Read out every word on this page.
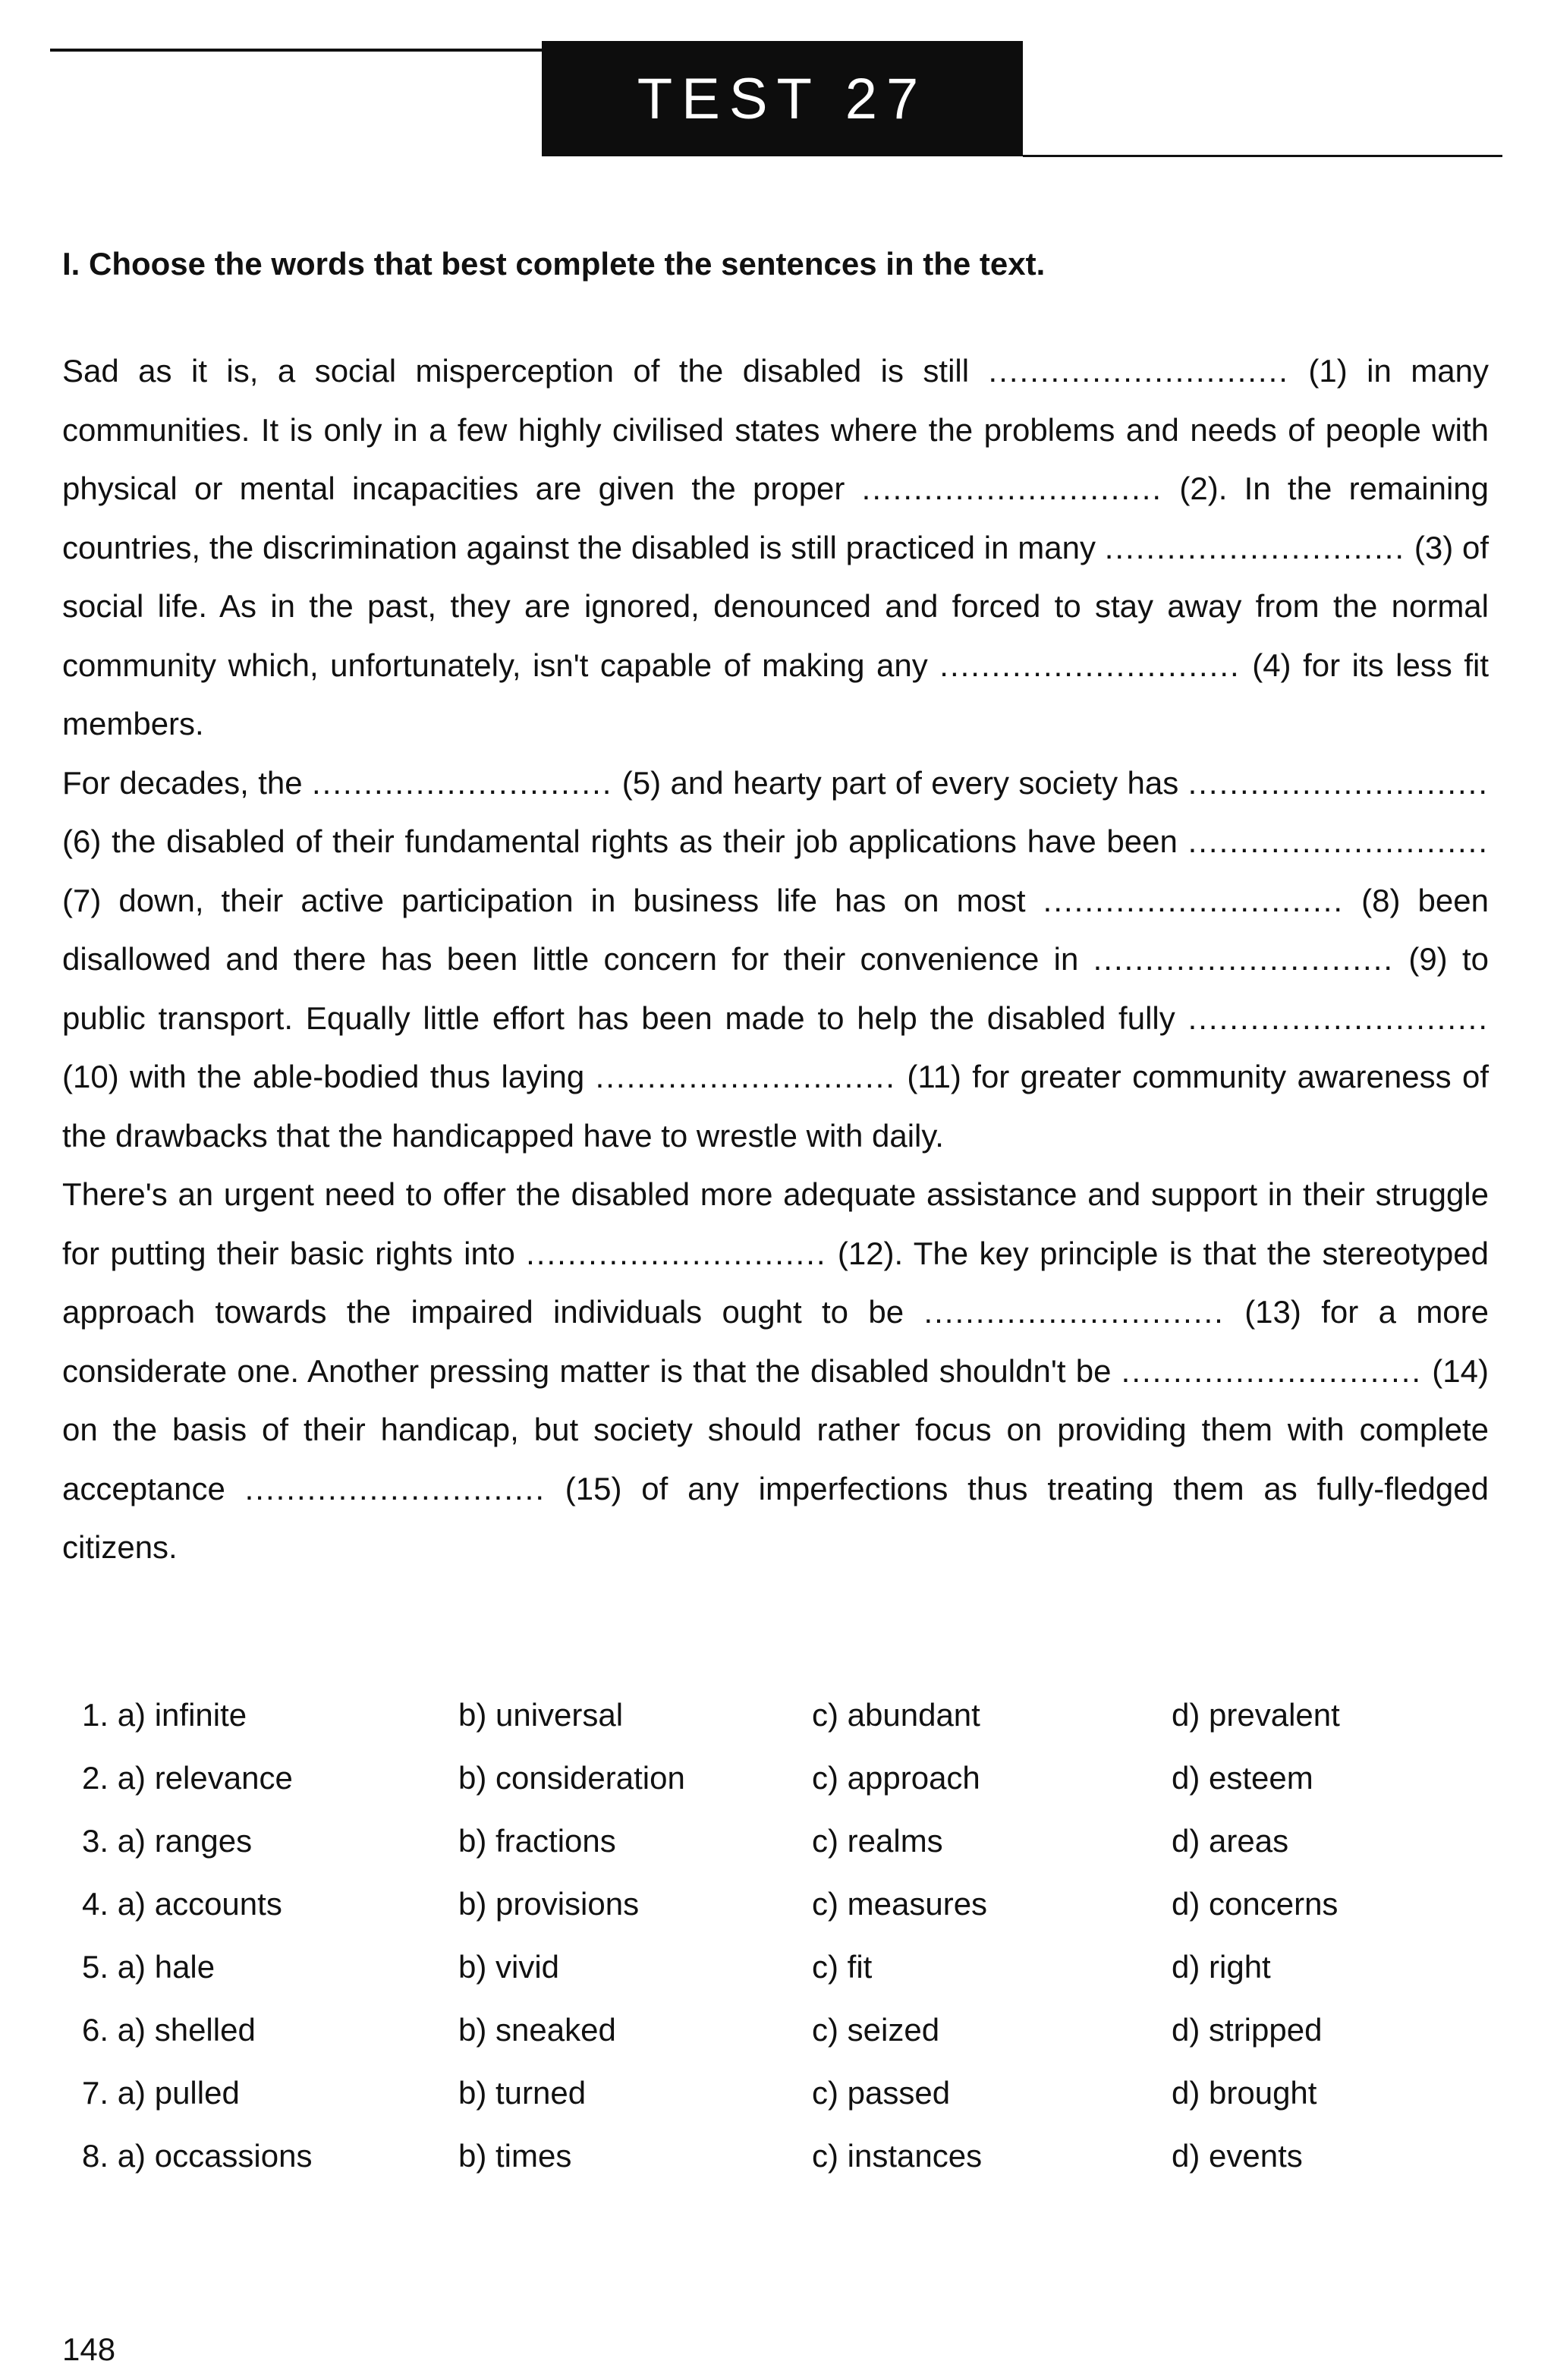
TEST 27
I. Choose the words that best complete the sentences in the text.

Sad as it is, a social misperception of the disabled is still ............................. (1) in many communities. It is only in a few highly civilised states where the problems and needs of people with physical or mental incapacities are given the proper ............................. (2). In the remaining countries, the discrimination against the disabled is still practiced in many ............................. (3) of social life. As in the past, they are ignored, denounced and forced to stay away from the normal community which, unfortunately, isn't capable of making any ............................. (4) for its less fit members.

For decades, the ............................. (5) and hearty part of every society has ............................. (6) the disabled of their fundamental rights as their job applications have been ............................. (7) down, their active participation in business life has on most ............................. (8) been disallowed and there has been little concern for their convenience in ............................. (9) to public transport. Equally little effort has been made to help the disabled fully ............................. (10) with the able-bodied thus laying ............................. (11) for greater community awareness of the drawbacks that the handicapped have to wrestle with daily.

There's an urgent need to offer the disabled more adequate assistance and support in their struggle for putting their basic rights into ............................. (12). The key principle is that the stereotyped approach towards the impaired individuals ought to be ............................. (13) for a more considerate one. Another pressing matter is that the disabled shouldn't be ............................. (14) on the basis of their handicap, but society should rather focus on providing them with complete acceptance ............................. (15) of any imperfections thus treating them as fully-fledged citizens.

1. a) infinite	b) universal	c) abundant	d) prevalent
2. a) relevance	b) consideration	c) approach	d) esteem
3. a) ranges	b) fractions	c) realms	d) areas
4. a) accounts	b) provisions	c) measures	d) concerns
5. a) hale	b) vivid	c) fit	d) right
6. a) shelled	b) sneaked	c) seized	d) stripped
7. a) pulled	b) turned	c) passed	d) brought
8. a) occassions	b) times	c) instances	d) events
148
